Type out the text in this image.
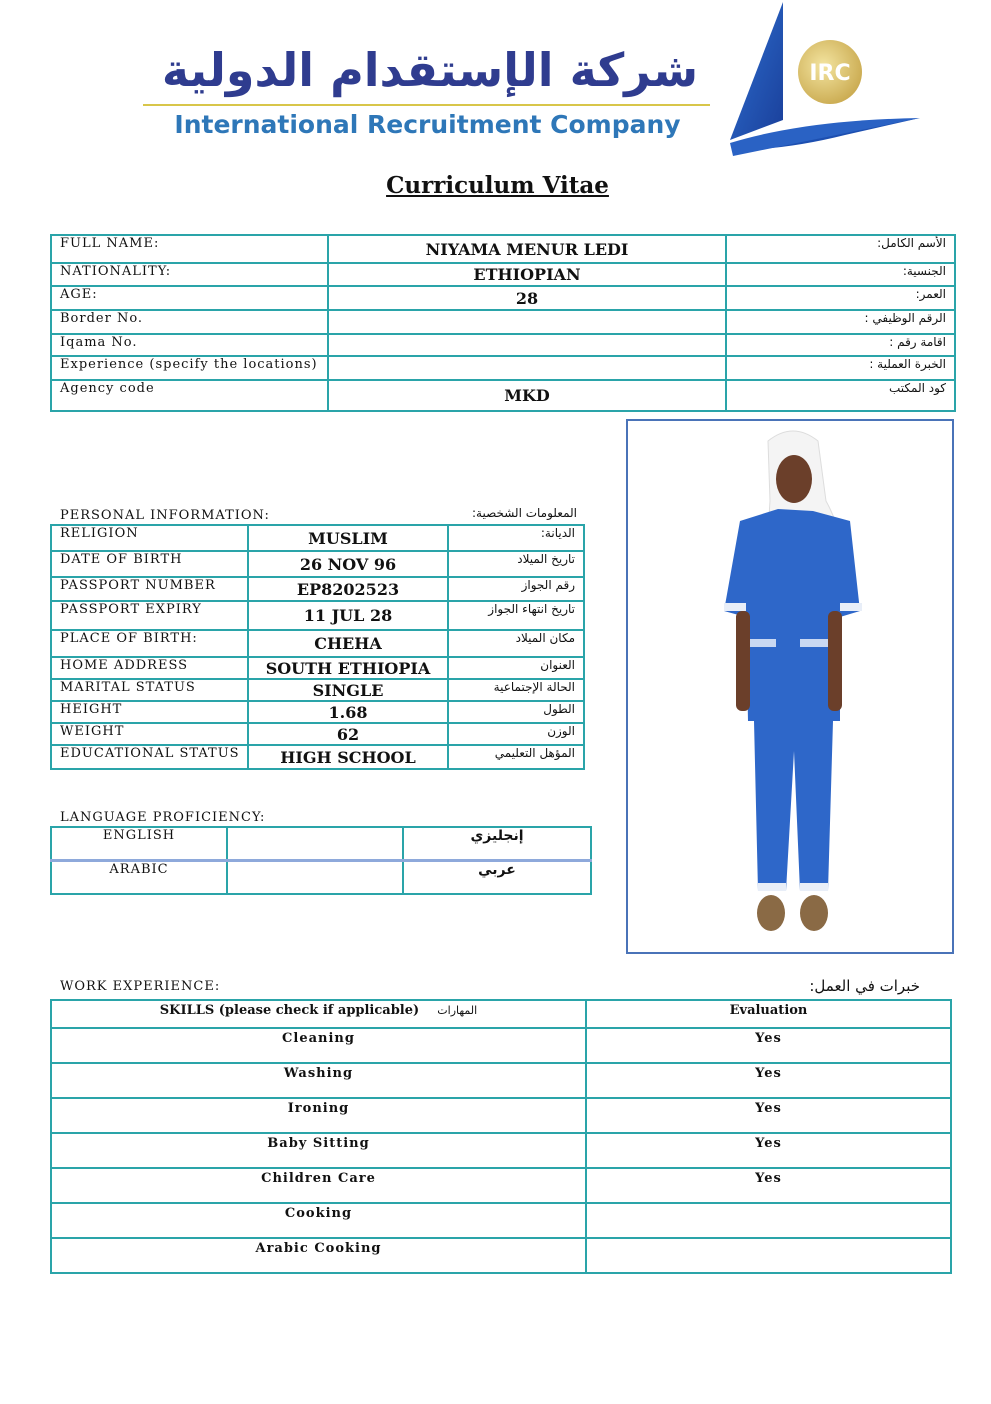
شركة الإستقدام الدولية
International Recruitment Company
IRC
Curriculum Vitae
FULL NAME:	NIYAMA MENUR LEDI	الأسم الكامل:
NATIONALITY:	ETHIOPIAN	الجنسية:
AGE:	28	العمر:
Border No.		الرقم الوظيفي :
Iqama No.		اقامة رقم :
Experience (specify the locations)		الخبرة العملية :
Agency code	MKD	كود المكتب
PERSONAL INFORMATION:	المعلومات الشخصية:
RELIGION	MUSLIM	الديانة:
DATE OF BIRTH	26 NOV 96	تاريخ الميلاد
PASSPORT NUMBER	EP8202523	رقم الجواز
PASSPORT EXPIRY	11 JUL 28	تاريخ انتهاء الجواز
PLACE OF BIRTH:	CHEHA	مكان الميلاد
HOME ADDRESS	SOUTH ETHIOPIA	العنوان
MARITAL STATUS	SINGLE	الحالة الإجتماعية
HEIGHT	1.68	الطول
WEIGHT	62	الوزن
EDUCATIONAL STATUS	HIGH SCHOOL	المؤهل التعليمي
LANGUAGE PROFICIENCY:
ENGLISH		إنجليزي
ARABIC		عربي
WORK EXPERIENCE:	خبرات في العمل:
SKILLS (please check if applicable) المهارات	Evaluation
Cleaning	Yes
Washing	Yes
Ironing	Yes
Baby Sitting	Yes
Children Care	Yes
Cooking	
Arabic Cooking	
